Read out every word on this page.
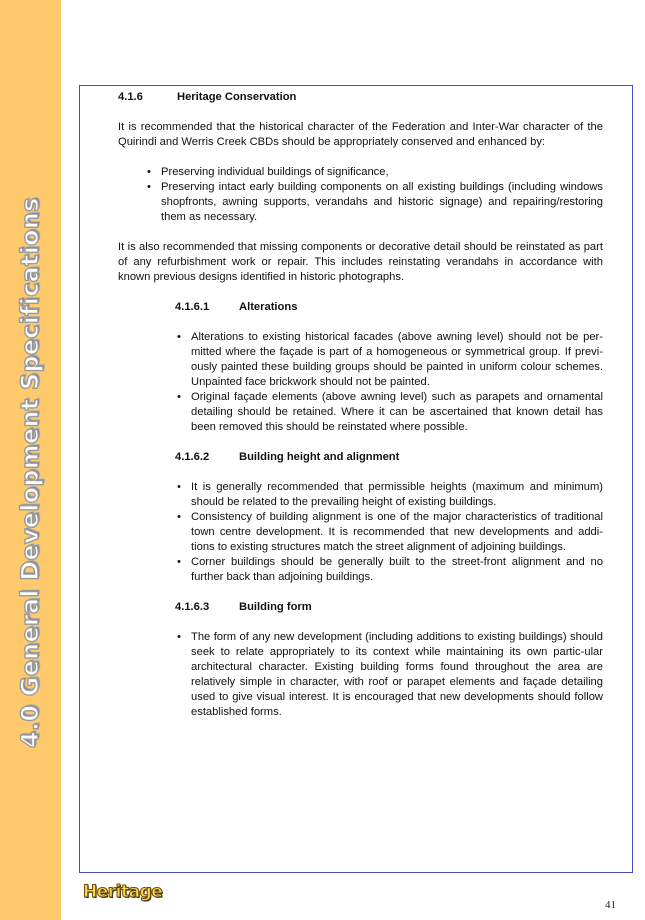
4.0 General Development Specifications
4.1.6	Heritage Conservation

It is recommended that the historical character of the Federation and Inter-War character of the Quirindi and Werris Creek CBDs should be appropriately conserved and enhanced by:

• Preserving individual buildings of significance,
• Preserving intact early building components on all existing buildings (including windows shopfronts, awning supports, verandahs and historic signage) and repairing/restoring them as necessary.

It is also recommended that missing components or decorative detail should be reinstated as part of any refurbishment work or repair. This includes reinstating verandahs in accordance with known previous designs identified in historic photographs.

4.1.6.1	Alterations
• Alterations to existing historical facades (above awning level) should not be per-mitted where the façade is part of a homogeneous or symmetrical group. If previ-ously painted these building groups should be painted in uniform colour schemes. Unpainted face brickwork should not be painted.
• Original façade elements (above awning level) such as parapets and ornamental detailing should be retained. Where it can be ascertained that known detail has been removed this should be reinstated where possible.
4.1.6.2	Building height and alignment
• It is generally recommended that permissible heights (maximum and minimum) should be related to the prevailing height of existing buildings.
• Consistency of building alignment is one of the major characteristics of traditional town centre development. It is recommended that new developments and addi-tions to existing structures match the street alignment of adjoining buildings.
• Corner buildings should be generally built to the street-front alignment and no further back than adjoining buildings.
4.1.6.3	Building form
• The form of any new development (including additions to existing buildings) should seek to relate appropriately to its context while maintaining its own partic-ular architectural character. Existing building forms found throughout the area are relatively simple in character, with roof or parapet elements and façade detailing used to give visual interest. It is encouraged that new developments should follow established forms.
Heritage
41
